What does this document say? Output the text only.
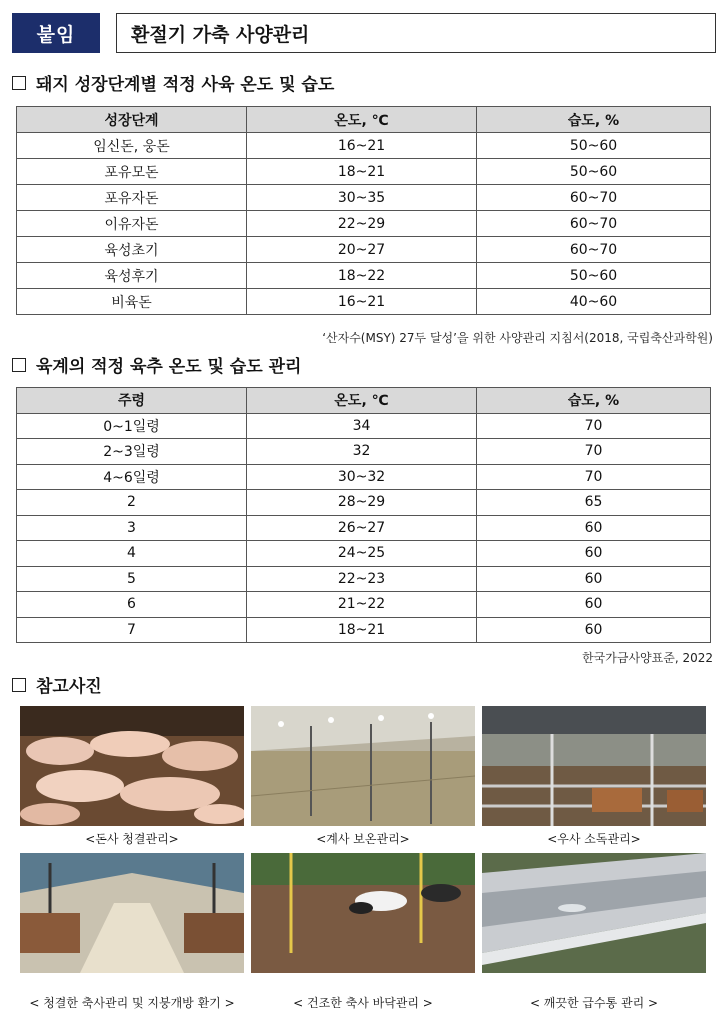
붙임	환절기 가축 사양관리
돼지 성장단계별 적정 사육 온도 및 습도
성장단계	온도, ℃	습도, %
임신돈, 웅돈	16~21	50~60
포유모돈	18~21	50~60
포유자돈	30~35	60~70
이유자돈	22~29	60~70
육성초기	20~27	60~70
육성후기	18~22	50~60
비육돈	16~21	40~60
‘산자수(MSY) 27두 달성’을 위한 사양관리 지침서(2018, 국립축산과학원)
육계의 적정 육추 온도 및 습도 관리
주령	온도, ℃	습도, %
0~1일령	34	70
2~3일령	32	70
4~6일령	30~32	70
2	28~29	65
3	26~27	60
4	24~25	60
5	22~23	60
6	21~22	60
7	18~21	60
한국가금사양표준, 2022
참고사진
<돈사 청결관리>	<계사 보온관리>	<우사 소독관리>
< 청결한 축사관리 및 지붕개방 환기 >	< 건조한 축사 바닥관리 >	< 깨끗한 급수통 관리 >
